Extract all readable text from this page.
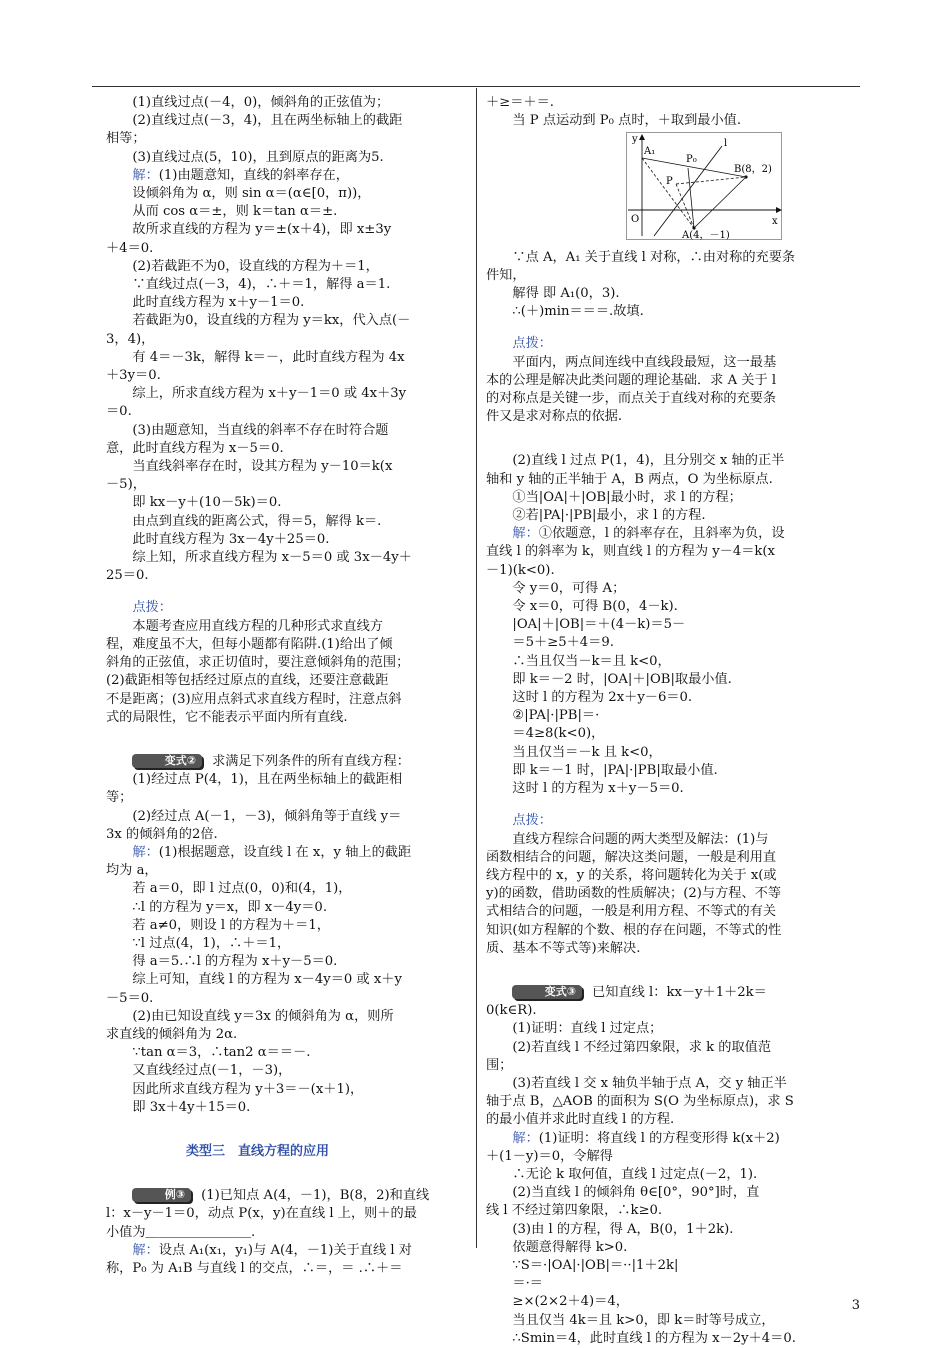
(1)直线过点(－4，0)，倾斜角的正弦值为；

(2)直线过点(－3，4)，且在两坐标轴上的截距

相等；

(3)直线过点(5，10)，且到原点的距离为5.

解：(1)由题意知，直线的斜率存在，

设倾斜角为 α，则 sin α＝(α∈[0，π))，

从而 cos α＝±，则 k＝tan α＝±.

故所求直线的方程为 y＝±(x＋4)，即 x±3y

＋4＝0.

(2)若截距不为0，设直线的方程为＋＝1，

∵直线过点(－3，4)，∴＋＝1，解得 a＝1.

此时直线方程为 x＋y－1＝0.

若截距为0，设直线的方程为 y＝kx，代入点(－

3，4)，

有 4＝－3k，解得 k＝－，此时直线方程为 4x

＋3y＝0.

综上，所求直线方程为 x＋y－1＝0 或 4x＋3y

＝0.

(3)由题意知，当直线的斜率不存在时符合题

意，此时直线方程为 x－5＝0.

当直线斜率存在时，设其方程为 y－10＝k(x

－5)，

即 kx－y＋(10－5k)＝0.

由点到直线的距离公式，得＝5，解得 k＝.

此时直线方程为 3x－4y＋25＝0.

综上知，所求直线方程为 x－5＝0 或 3x－4y＋

25＝0.

点拨：

本题考查应用直线方程的几种形式求直线方

程，难度虽不大，但每小题都有陷阱.(1)给出了倾

斜角的正弦值，求正切值时，要注意倾斜角的范围；

(2)截距相等包括经过原点的直线，还要注意截距

不是距离；(3)应用点斜式求直线方程时，注意点斜

式的局限性，它不能表示平面内所有直线.

变式② 求满足下列条件的所有直线方程：

(1)经过点 P(4，1)，且在两坐标轴上的截距相

等；

(2)经过点 A(－1，－3)，倾斜角等于直线 y＝

3x 的倾斜角的2倍.

解：(1)根据题意，设直线 l 在 x，y 轴上的截距

均为 a，

若 a＝0，即 l 过点(0，0)和(4，1)，

∴l 的方程为 y＝x，即 x－4y＝0.

若 a≠0，则设 l 的方程为＋＝1，

∵l 过点(4，1)，∴＋＝1，

得 a＝5.∴l 的方程为 x＋y－5＝0.

综上可知，直线 l 的方程为 x－4y＝0 或 x＋y

－5＝0.

(2)由已知设直线 y＝3x 的倾斜角为 α，则所

求直线的倾斜角为 2α.

∵tan α＝3，∴tan2 α＝＝－.

又直线经过点(－1，－3)，

因此所求直线方程为 y＋3＝－(x＋1)，

即 3x＋4y＋15＝0.

类型三　直线方程的应用

例③ (1)已知点 A(4，－1)，B(8，2)和直线

l：x－y－1＝0，动点 P(x，y)在直线 l 上，则＋的最

小值为＿＿＿＿＿＿＿＿.

解：设点 A₁(x₁，y₁)与 A(4，－1)关于直线 l 对

称，P₀ 为 A₁B 与直线 l 的交点，∴＝，＝ .∴＋＝

＋≥＝＋＝.

当 P 点运动到 P₀ 点时，＋取到最小值.

y
x
O
l
A₁
P₀
P
B(8，2)
A(4，－1)

∵点 A，A₁ 关于直线 l 对称，∴由对称的充要条

件知，

解得 即 A₁(0，3).

∴(＋)min＝＝＝.故填.

点拨：

平面内，两点间连线中直线段最短，这一最基

本的公理是解决此类问题的理论基础．求 A 关于 l

的对称点是关键一步，而点关于直线对称的充要条

件又是求对称点的依据.

(2)直线 l 过点 P(1，4)，且分别交 x 轴的正半

轴和 y 轴的正半轴于 A，B 两点，O 为坐标原点.

①当|OA|＋|OB|最小时，求 l 的方程；

②若|PA|·|PB|最小，求 l 的方程.

解：①依题意，l 的斜率存在，且斜率为负，设

直线 l 的斜率为 k，则直线 l 的方程为 y－4＝k(x

－1)(k<0).

令 y＝0，可得 A；

令 x＝0，可得 B(0，4－k).

|OA|＋|OB|＝＋(4－k)＝5－

＝5＋≥5＋4＝9.

∴当且仅当－k＝且 k<0，

即 k＝－2 时，|OA|＋|OB|取最小值.

这时 l 的方程为 2x＋y－6＝0.

②|PA|·|PB|＝·

＝4≥8(k<0)，

当且仅当＝－k 且 k<0，

即 k＝－1 时，|PA|·|PB|取最小值.

这时 l 的方程为 x＋y－5＝0.

点拨：

直线方程综合问题的两大类型及解法：(1)与

函数相结合的问题，解决这类问题，一般是利用直

线方程中的 x，y 的关系，将问题转化为关于 x(或

y)的函数，借助函数的性质解决；(2)与方程、不等

式相结合的问题，一般是利用方程、不等式的有关

知识(如方程解的个数、根的存在问题，不等式的性

质、基本不等式等)来解决.

变式③ 已知直线 l：kx－y＋1＋2k＝

0(k∈R).

(1)证明：直线 l 过定点；

(2)若直线 l 不经过第四象限，求 k 的取值范

围；

(3)若直线 l 交 x 轴负半轴于点 A，交 y 轴正半

轴于点 B，△AOB 的面积为 S(O 为坐标原点)，求 S

的最小值并求此时直线 l 的方程.

解：(1)证明：将直线 l 的方程变形得 k(x＋2)

＋(1－y)＝0，令解得

∴无论 k 取何值，直线 l 过定点(－2，1).

(2)当直线 l 的倾斜角 θ∈[0°，90°]时，直

线 l 不经过第四象限，∴k≥0.

(3)由 l 的方程，得 A，B(0，1＋2k).

依题意得解得 k>0.

∵S＝·|OA|·|OB|＝··|1＋2k|

＝·＝

≥×(2×2＋4)＝4，

当且仅当 4k＝且 k>0，即 k＝时等号成立，

∴Smin＝4，此时直线 l 的方程为 x－2y＋4＝0.

3
